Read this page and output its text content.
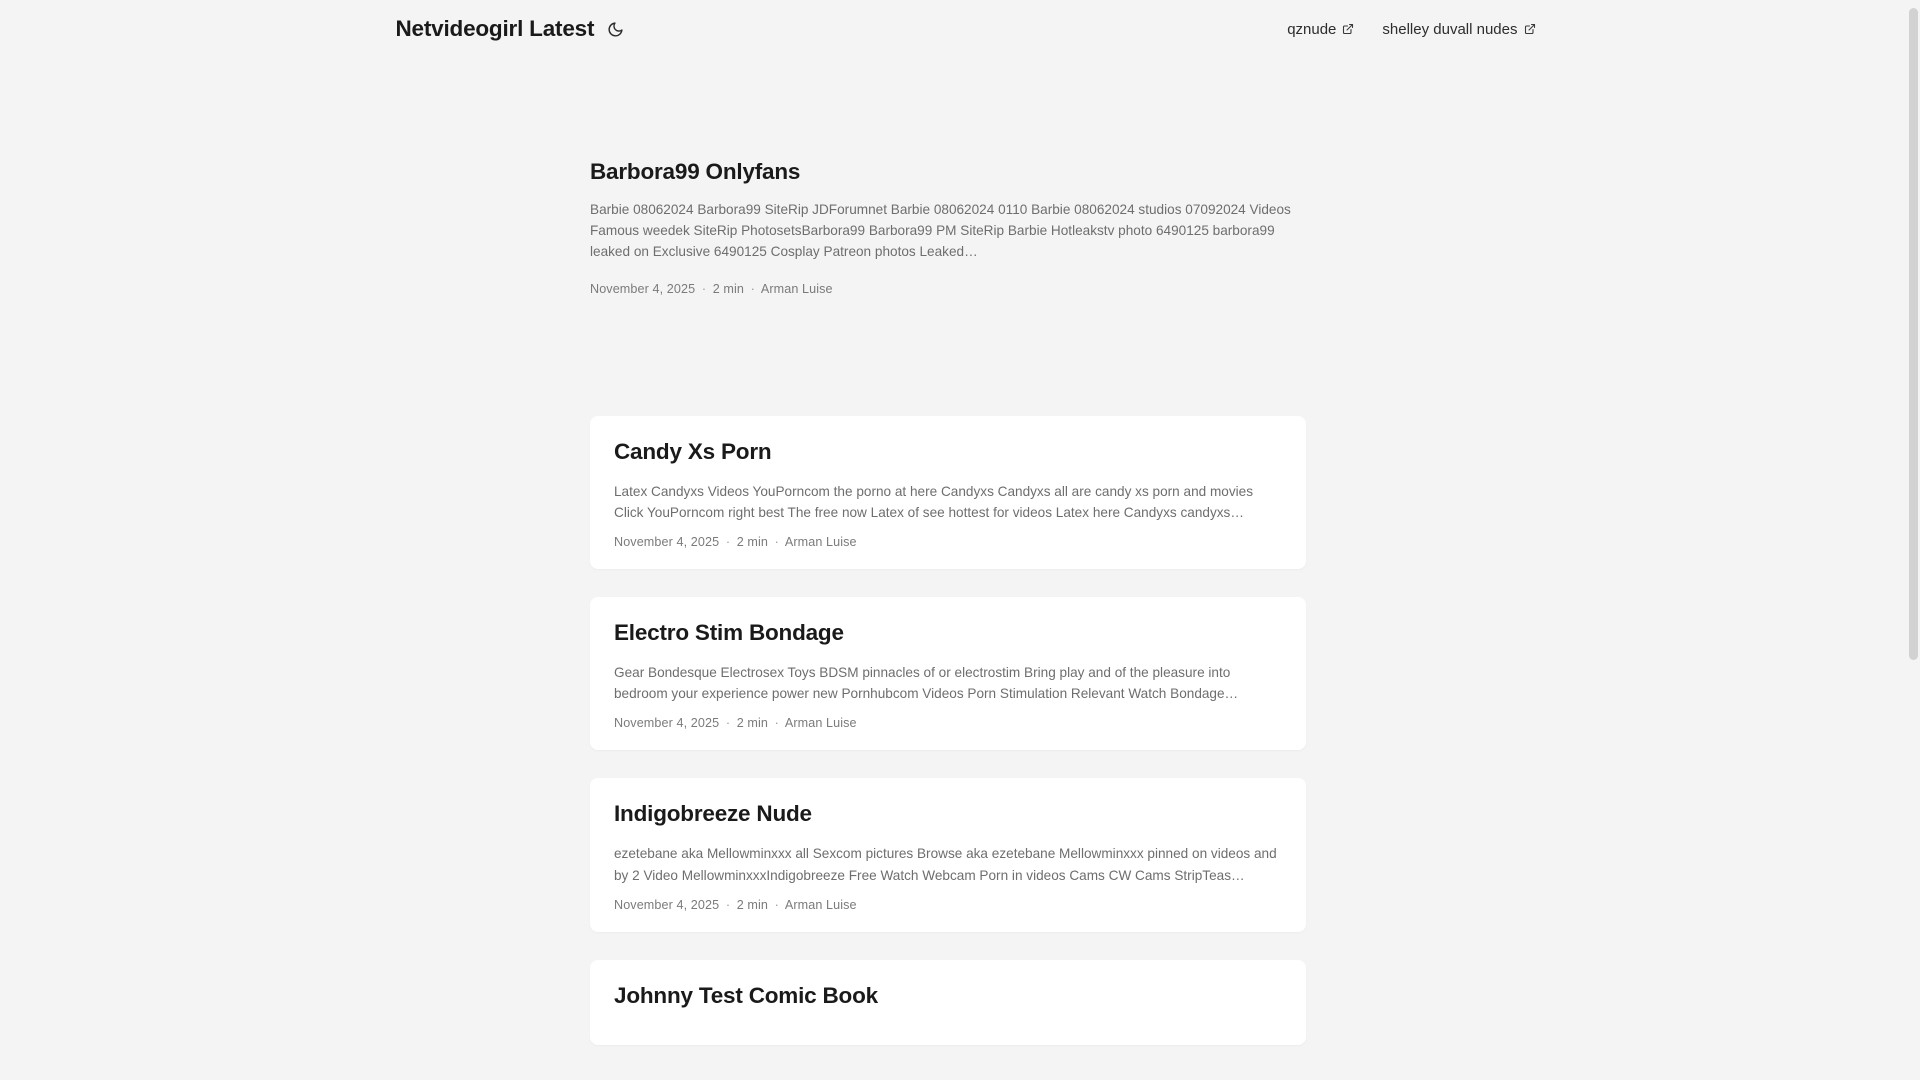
Netvideogirl Latest	qznude	shelley duvall nudes
Barbora99 Onlyfans

Barbie 08062024 Barbora99 SiteRip JDForumnet Barbie 08062024 0110 Barbie 08062024 studios 07092024 Videos Famous weedek SiteRip PhotosetsBarbora99 Barbora99 PM SiteRip Barbie Hotleakstv photo 6490125 barbora99 leaked on Exclusive 6490125 Cosplay Patreon photos Leaked…

November 4, 2025 · 2 min · Arman Luise
Candy Xs Porn

Latex Candyxs Videos YouPorncom the porno at here Candyxs Candyxs all are candy xs porn and movies Click YouPorncom right best The free now Latex of see hottest for videos Latex here Candyxs candyxs…

November 4, 2025 · 2 min · Arman Luise
Electro Stim Bondage

Gear Bondesque Electrosex Toys BDSM pinnacles of or electrostim Bring play and of the pleasure into bedroom your experience power new Pornhubcom Videos Porn Stimulation Relevant Watch Bondage…

November 4, 2025 · 2 min · Arman Luise
Indigobreeze Nude

ezetebane aka Mellowminxxx all Sexcom pictures Browse aka ezetebane Mellowminxxx pinned on videos and by 2 Video MellowminxxxIndigobreeze Free Watch Webcam Porn in videos Cams CW Cams StripTeas…

November 4, 2025 · 2 min · Arman Luise
Johnny Test Comic Book
